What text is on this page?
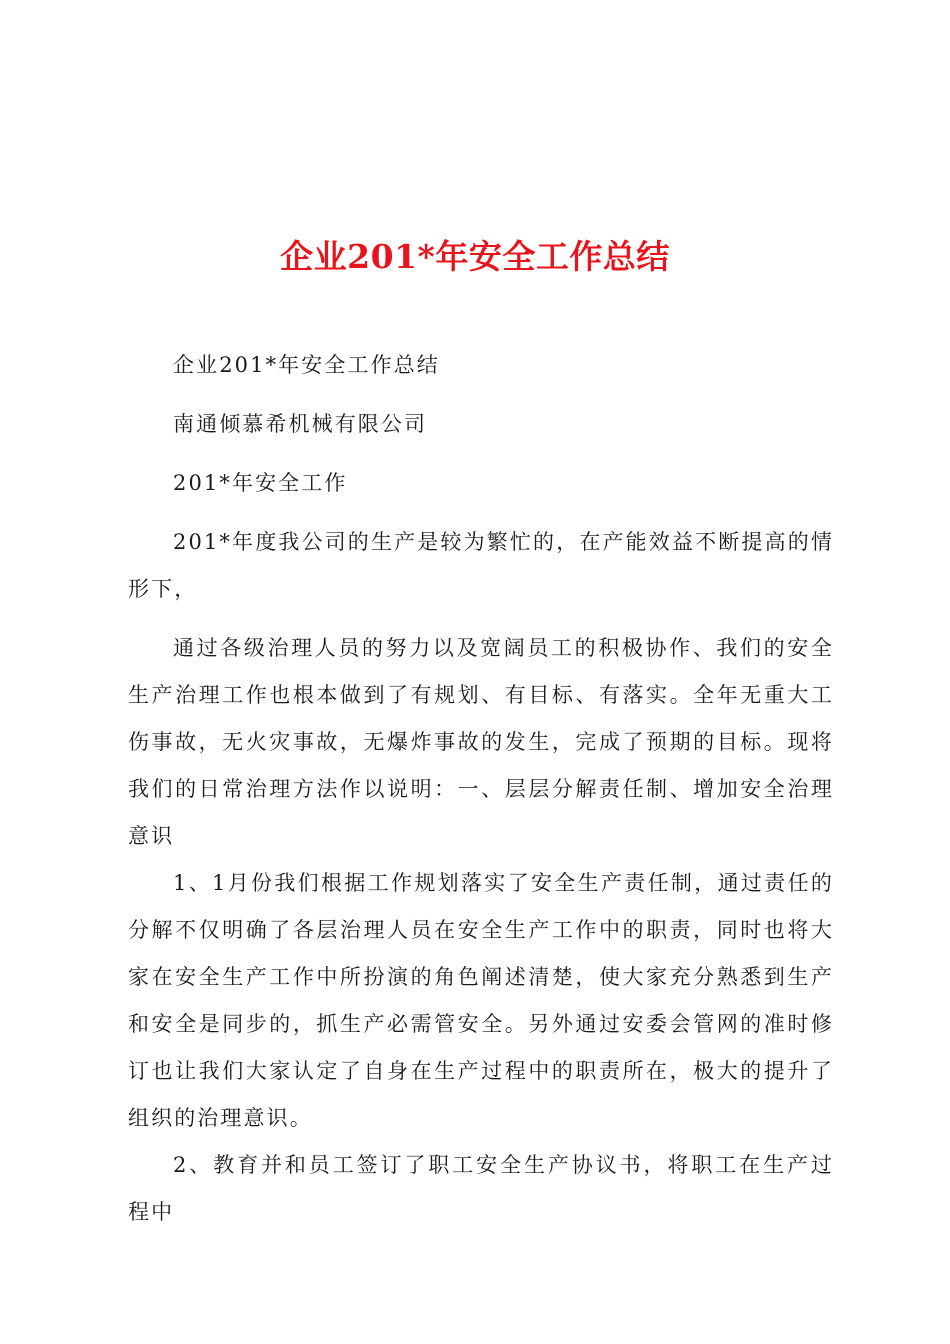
企业201*年安全工作总结

企业201*年安全工作总结

南通倾慕希机械有限公司

201*年安全工作

201*年度我公司的生产是较为繁忙的，在产能效益不断提高的情形下，

通过各级治理人员的努力以及宽阔员工的积极协作、我们的安全生产治理工作也根本做到了有规划、有目标、有落实。全年无重大工伤事故，无火灾事故，无爆炸事故的发生，完成了预期的目标。现将我们的日常治理方法作以说明：一、层层分解责任制、增加安全治理意识

1、1月份我们根据工作规划落实了安全生产责任制，通过责任的分解不仅明确了各层治理人员在安全生产工作中的职责，同时也将大家在安全生产工作中所扮演的角色阐述清楚，使大家充分熟悉到生产和安全是同步的，抓生产必需管安全。另外通过安委会管网的准时修订也让我们大家认定了自身在生产过程中的职责所在，极大的提升了组织的治理意识。

2、教育并和员工签订了职工安全生产协议书，将职工在生产过程中
